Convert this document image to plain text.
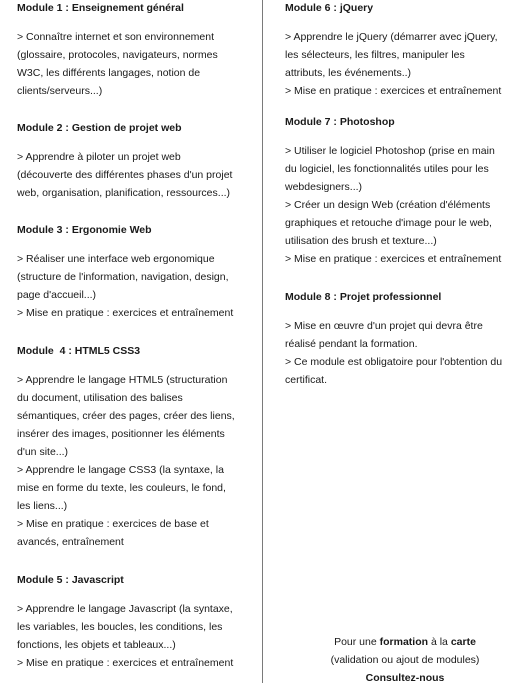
Module 1 : Enseignement général
> Connaître internet et son environnement
(glossaire, protocoles, navigateurs, normes
W3C, les différents langages, notion de
clients/serveurs...)
Module 2 : Gestion de projet web
> Apprendre à piloter un projet web
(découverte des différentes phases d'un projet
web, organisation, planification, ressources...)
Module 3 : Ergonomie Web
> Réaliser une interface web ergonomique
(structure de l'information, navigation, design,
page d'accueil...)
> Mise en pratique : exercices et entraînement
Module  4 : HTML5 CSS3
> Apprendre le langage HTML5 (structuration
du document, utilisation des balises
sémantiques, créer des pages, créer des liens,
insérer des images, positionner les éléments
d'un site...)
> Apprendre le langage CSS3 (la syntaxe, la
mise en forme du texte, les couleurs, le fond,
les liens...)
> Mise en pratique : exercices de base et
avancés, entraînement
Module 5 : Javascript
> Apprendre le langage Javascript (la syntaxe,
les variables, les boucles, les conditions, les
fonctions, les objets et tableaux...)
> Mise en pratique : exercices et entraînement
Module 6 : jQuery
> Apprendre le jQuery (démarrer avec jQuery,
les sélecteurs, les filtres, manipuler les
attributs, les événements..)
> Mise en pratique : exercices et entraînement
Module 7 : Photoshop
> Utiliser le logiciel Photoshop (prise en main
du logiciel, les fonctionnalités utiles pour les
webdesigners...)
> Créer un design Web (création d'éléments
graphiques et retouche d'image pour le web,
utilisation des brush et texture...)
> Mise en pratique : exercices et entraînement
Module 8 : Projet professionnel
> Mise en œuvre d'un projet qui devra être
réalisé pendant la formation.
> Ce module est obligatoire pour l'obtention du
certificat.
Pour une formation à la carte
(validation ou ajout de modules)
Consultez-nous
